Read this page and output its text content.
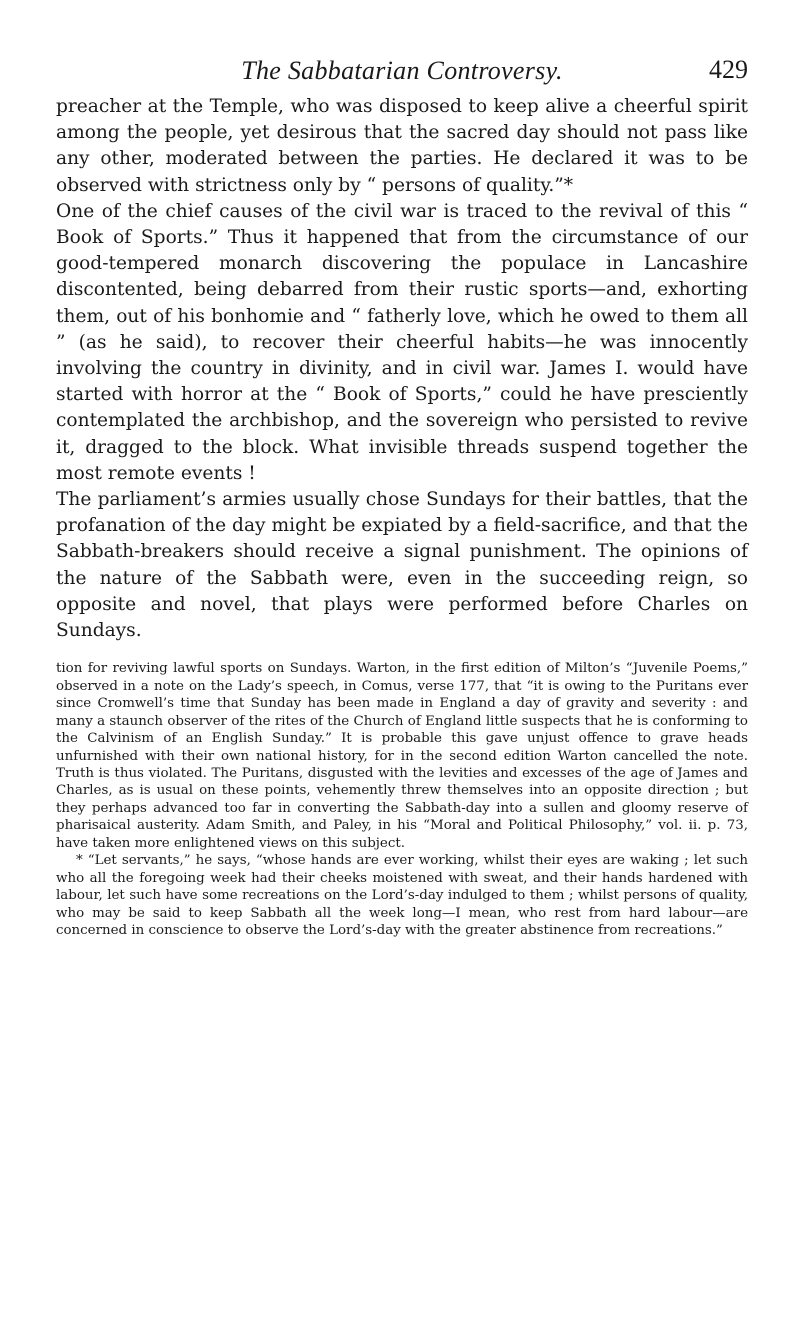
The Sabbatarian Controversy.	429

preacher at the Temple, who was disposed to keep alive a cheerful spirit among the people, yet desirous that the sacred day should not pass like any other, moderated between the parties. He declared it was to be observed with strictness only by “ persons of quality.”*

One of the chief causes of the civil war is traced to the revival of this “ Book of Sports.” Thus it happened that from the circumstance of our good-tempered monarch discovering the populace in Lancashire discontented, being debarred from their rustic sports—and, exhorting them, out of his bonhomie and “ fatherly love, which he owed to them all ” (as he said), to recover their cheerful habits—he was innocently involving the country in divinity, and in civil war. James I. would have started with horror at the “ Book of Sports,” could he have presciently contemplated the archbishop, and the sovereign who persisted to revive it, dragged to the block. What invisible threads suspend together the most remote events !

The parliament’s armies usually chose Sundays for their battles, that the profanation of the day might be expiated by a field-sacrifice, and that the Sabbath-breakers should receive a signal punishment. The opinions of the nature of the Sabbath were, even in the succeeding reign, so opposite and novel, that plays were performed before Charles on Sundays.

tion for reviving lawful sports on Sundays. Warton, in the first edition of Milton’s “Juvenile Poems,” observed in a note on the Lady’s speech, in Comus, verse 177, that “it is owing to the Puritans ever since Cromwell’s time that Sunday has been made in England a day of gravity and severity : and many a staunch observer of the rites of the Church of England little suspects that he is conforming to the Calvinism of an English Sunday.” It is probable this gave unjust offence to grave heads unfurnished with their own national history, for in the second edition Warton cancelled the note. Truth is thus violated. The Puritans, disgusted with the levities and excesses of the age of James and Charles, as is usual on these points, vehemently threw themselves into an opposite direction ; but they perhaps advanced too far in converting the Sabbath-day into a sullen and gloomy reserve of pharisaical austerity. Adam Smith, and Paley, in his “Moral and Political Philosophy,” vol. ii. p. 73, have taken more enlightened views on this subject.

* “Let servants,” he says, “whose hands are ever working, whilst their eyes are waking ; let such who all the foregoing week had their cheeks moistened with sweat, and their hands hardened with labour, let such have some recreations on the Lord’s-day indulged to them ; whilst persons of quality, who may be said to keep Sabbath all the week long—I mean, who rest from hard labour—are concerned in conscience to observe the Lord’s-day with the greater abstinence from recreations.”
